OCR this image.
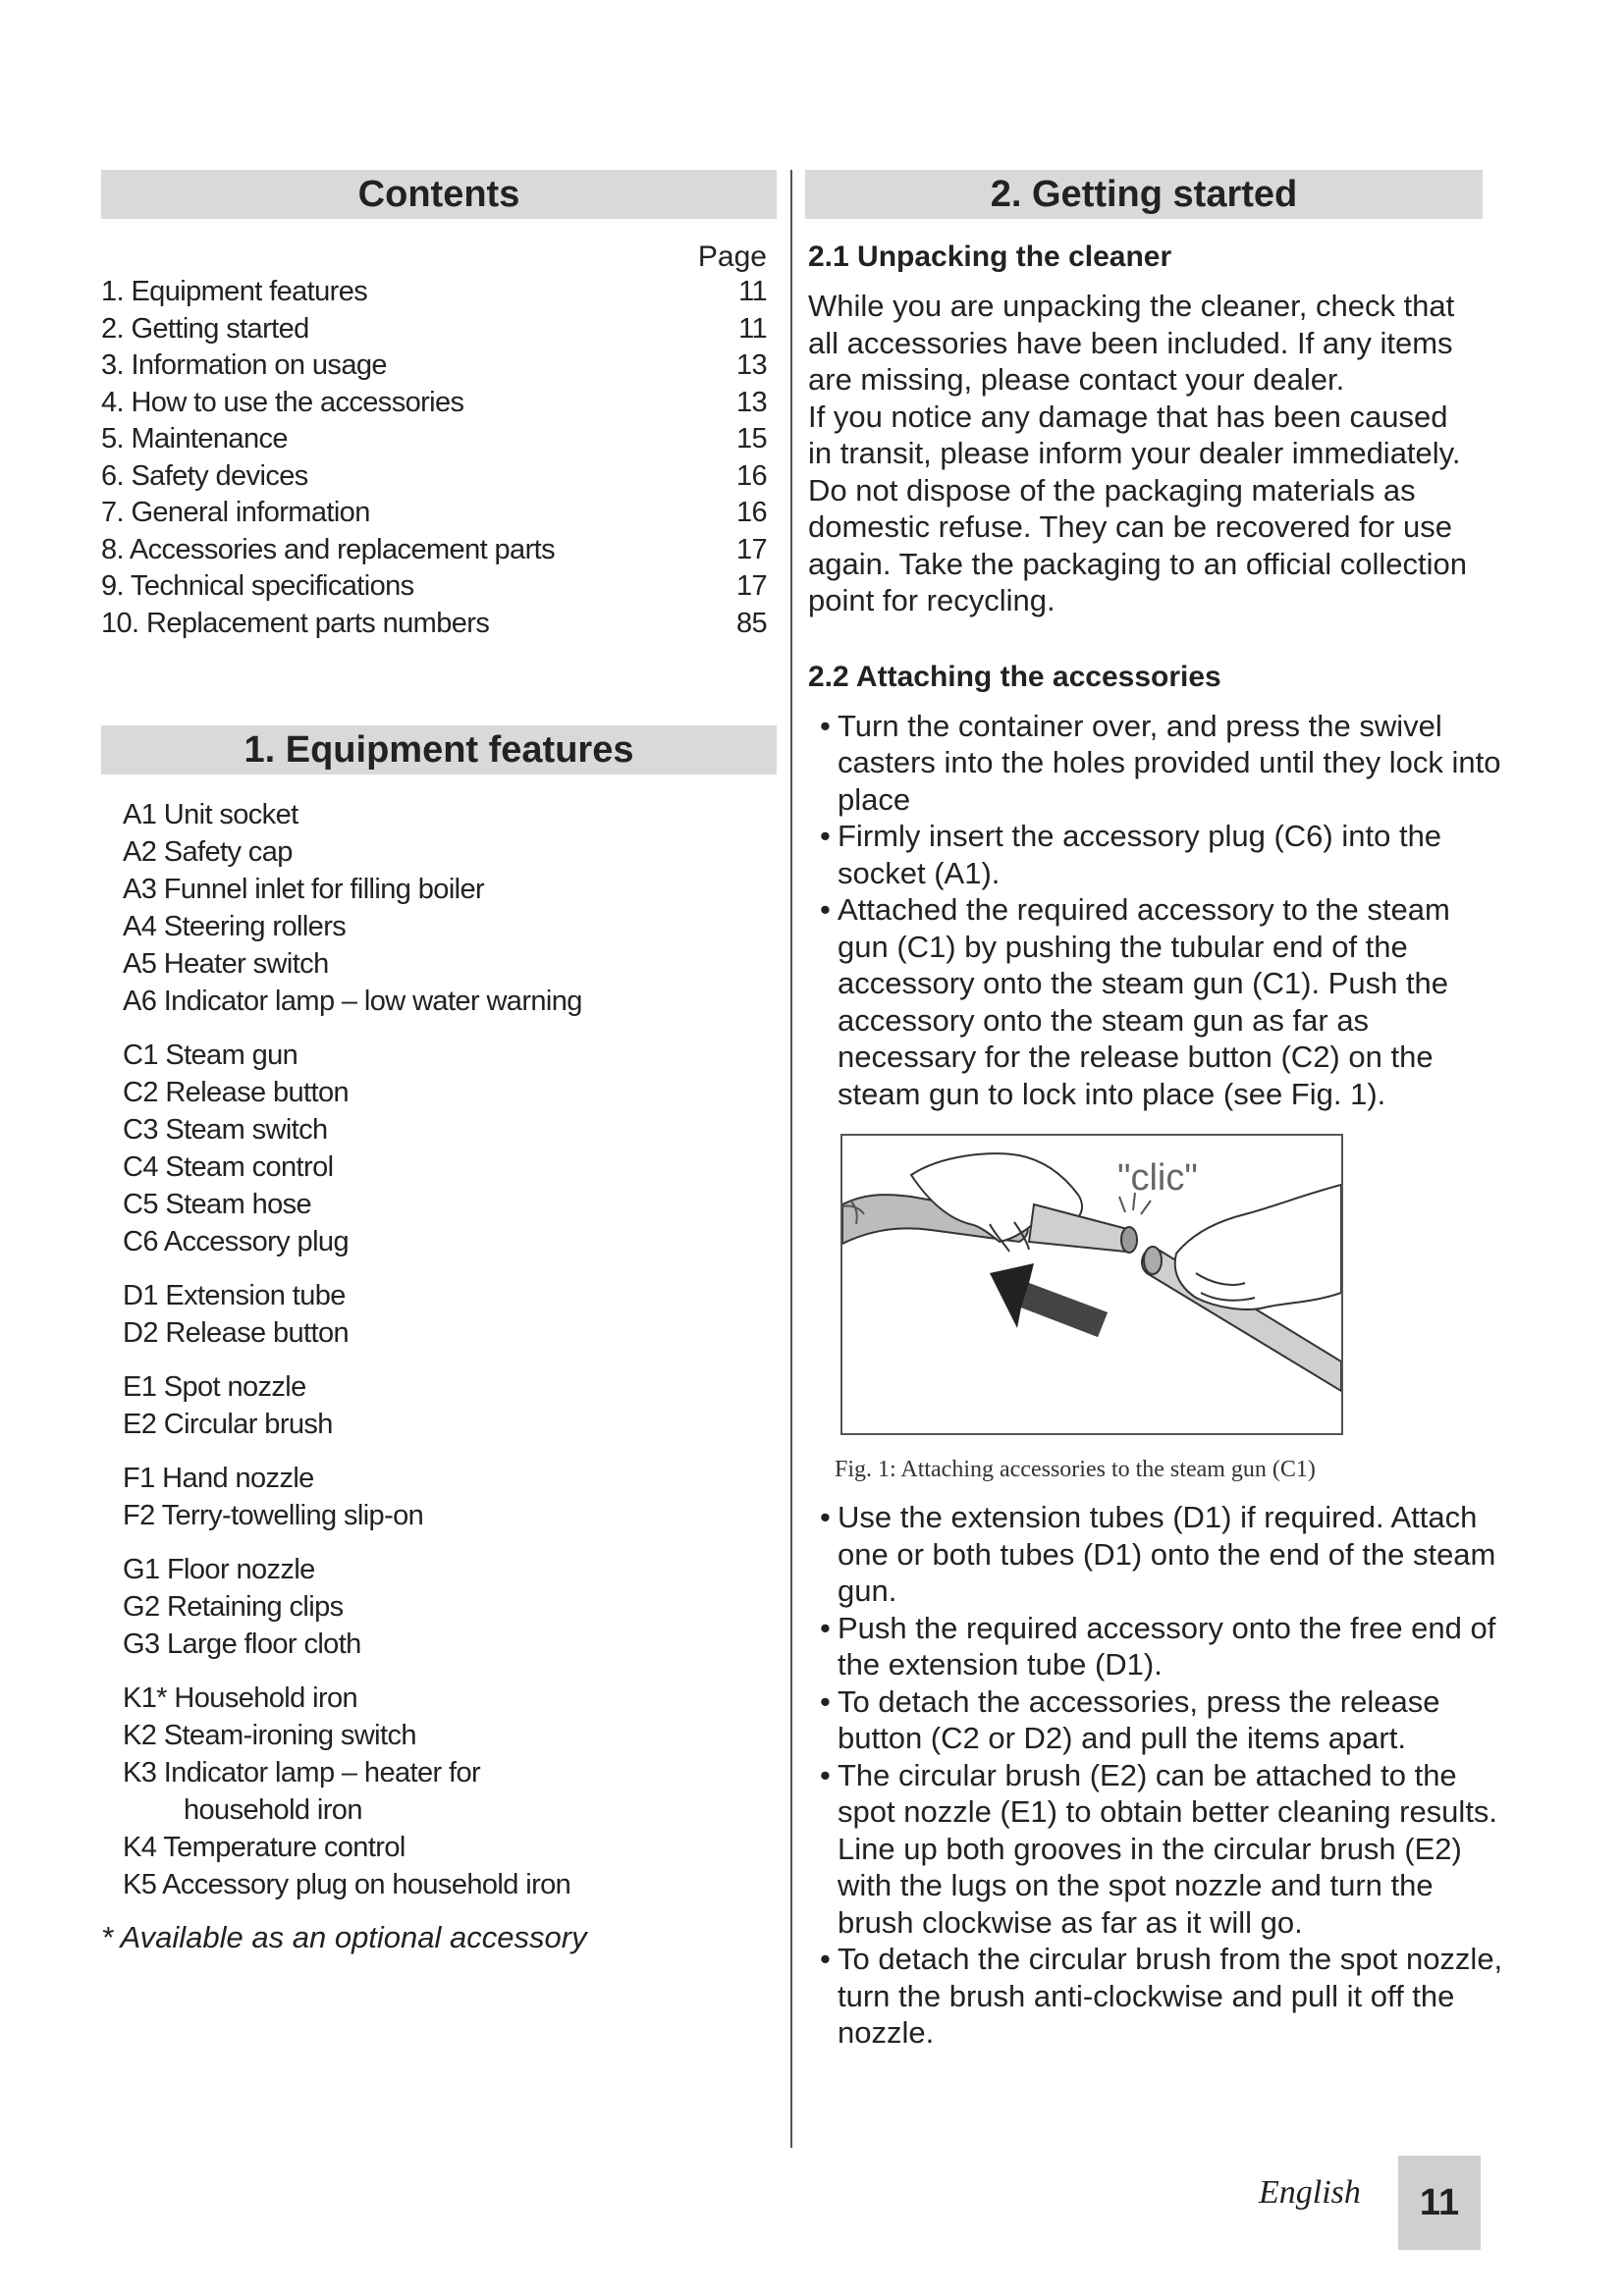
Contents
Page
1. Equipment features	11
2. Getting started	11
3. Information on usage	13
4. How to use the accessories	13
5. Maintenance	15
6. Safety devices	16
7. General information	16
8. Accessories and replacement parts	17
9. Technical specifications	17
10. Replacement parts numbers	85
1. Equipment features
A1 Unit socket
A2 Safety cap
A3 Funnel inlet for filling boiler
A4 Steering rollers
A5 Heater switch
A6 Indicator lamp – low water warning
C1 Steam gun
C2 Release button
C3 Steam switch
C4 Steam control
C5 Steam hose
C6 Accessory plug
D1 Extension tube
D2 Release button
E1 Spot nozzle
E2 Circular brush
F1 Hand nozzle
F2 Terry-towelling slip-on
G1 Floor nozzle
G2 Retaining clips
G3 Large floor cloth
K1* Household iron
K2 Steam-ironing switch
K3 Indicator lamp – heater for
household iron
K4 Temperature control
K5 Accessory plug on household iron
* Available as an optional accessory
2. Getting started
2.1 Unpacking the cleaner
While you are unpacking the cleaner, check that
all accessories have been included. If any items
are missing, please contact your dealer.
If you notice any damage that has been caused
in transit, please inform your dealer immediately.
Do not dispose of the packaging materials as
domestic refuse. They can be recovered for use
again. Take the packaging to an official collection
point for recycling.
2.2 Attaching the accessories
• Turn the container over, and press the swivel casters into the holes provided until they lock into place
• Firmly insert the accessory plug (C6) into the socket (A1).
• Attached the required accessory to the steam gun (C1) by pushing the tubular end of the accessory onto the steam gun (C1). Push the accessory onto the steam gun as far as necessary for the release button (C2) on the steam gun to lock into place (see Fig. 1).
"clic"
Fig. 1: Attaching accessories to the steam gun (C1)
• Use the extension tubes (D1) if required. Attach one or both tubes (D1) onto the end of the steam gun.
• Push the required accessory onto the free end of the extension tube (D1).
• To detach the accessories, press the release button (C2 or D2) and pull the items apart.
• The circular brush (E2) can be attached to the spot nozzle (E1) to obtain better cleaning results. Line up both grooves in the circular brush (E2) with the lugs on the spot nozzle and turn the brush clockwise as far as it will go.
• To detach the circular brush from the spot nozzle, turn the brush anti-clockwise and pull it off the nozzle.
English	11
